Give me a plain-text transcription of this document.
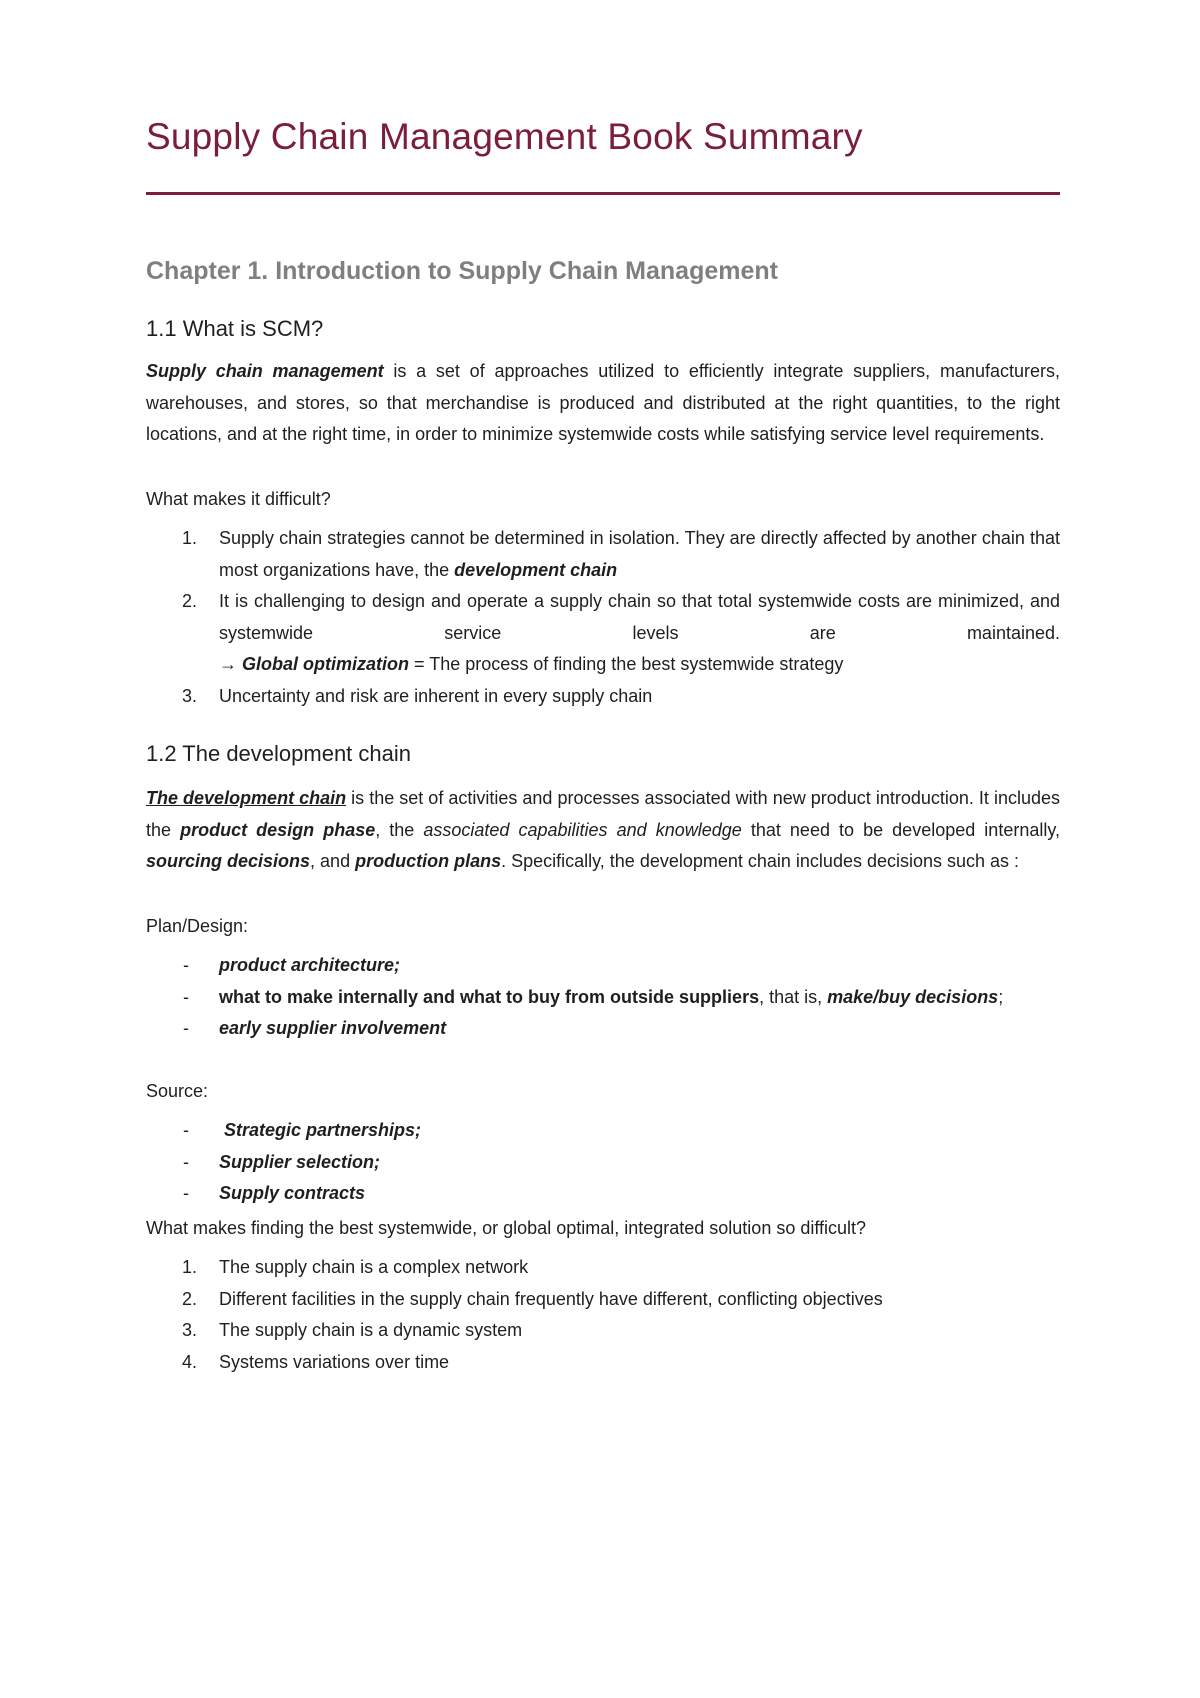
Supply Chain Management Book Summary
Chapter 1. Introduction to Supply Chain Management
1.1 What is SCM?

Supply chain management is a set of approaches utilized to efficiently integrate suppliers, manufacturers, warehouses, and stores, so that merchandise is produced and distributed at the right quantities, to the right locations, and at the right time, in order to minimize systemwide costs while satisfying service level requirements.

What makes it difficult?

1. Supply chain strategies cannot be determined in isolation. They are directly affected by another chain that most organizations have, the development chain
2. It is challenging to design and operate a supply chain so that total systemwide costs are minimized, and systemwide service levels are maintained.
→ Global optimization = The process of finding the best systemwide strategy
3. Uncertainty and risk are inherent in every supply chain
1.2 The development chain

The development chain is the set of activities and processes associated with new product introduction. It includes the product design phase, the associated capabilities and knowledge that need to be developed internally, sourcing decisions, and production plans. Specifically, the development chain includes decisions such as :

Plan/Design:

- product architecture;
- what to make internally and what to buy from outside suppliers, that is, make/buy decisions;
- early supplier involvement

Source:

- Strategic partnerships;
- Supplier selection;
- Supply contracts

What makes finding the best systemwide, or global optimal, integrated solution so difficult?

1. The supply chain is a complex network
2. Different facilities in the supply chain frequently have different, conflicting objectives
3. The supply chain is a dynamic system
4. Systems variations over time
